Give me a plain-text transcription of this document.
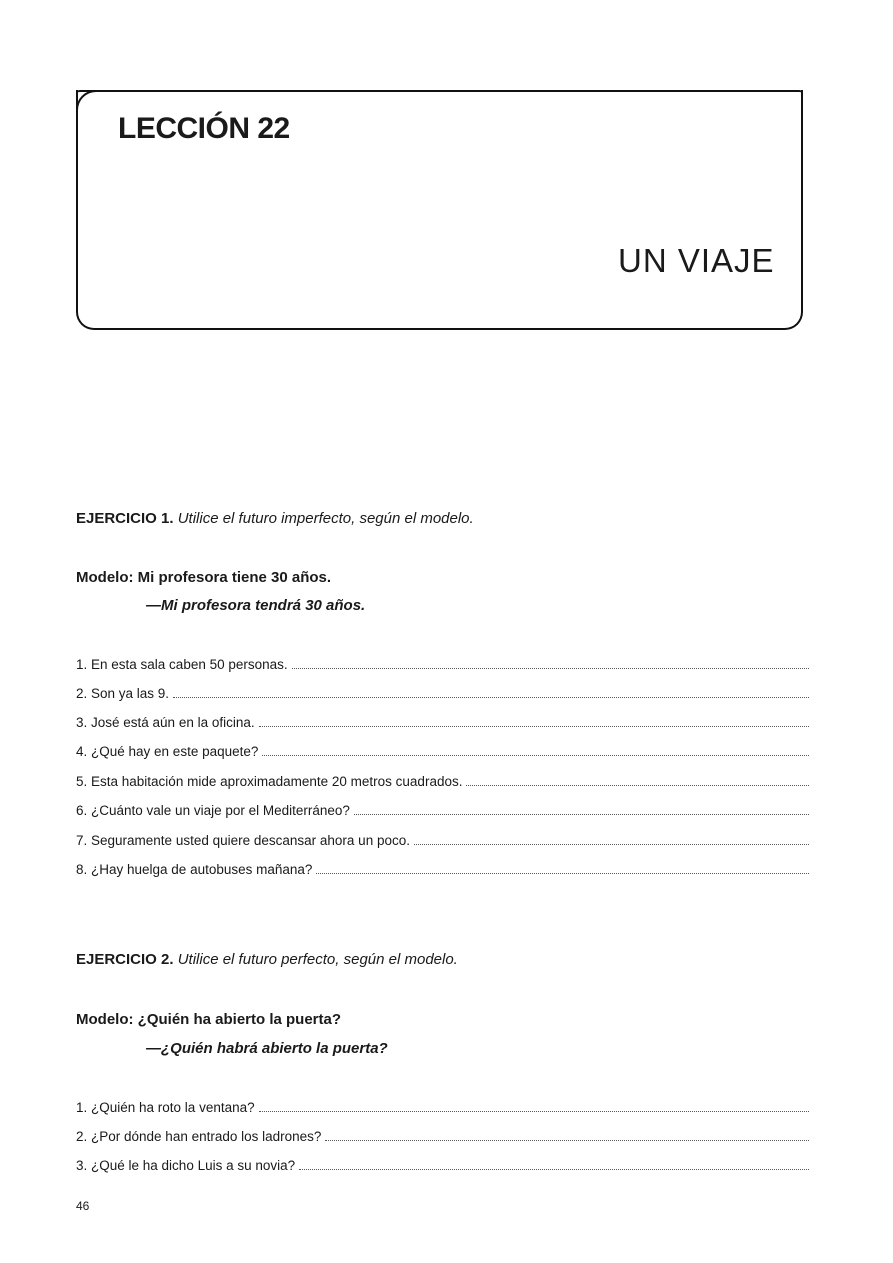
LECCIÓN 22
UN VIAJE
EJERCICIO 1. Utilice el futuro imperfecto, según el modelo.
Modelo: Mi profesora tiene 30 años.
—Mi profesora tendrá 30 años.
1. En esta sala caben 50 personas.
2. Son ya las 9.
3. José está aún en la oficina.
4. ¿Qué hay en este paquete?
5. Esta habitación mide aproximadamente 20 metros cuadrados.
6. ¿Cuánto vale un viaje por el Mediterráneo?
7. Seguramente usted quiere descansar ahora un poco.
8. ¿Hay huelga de autobuses mañana?
EJERCICIO 2. Utilice el futuro perfecto, según el modelo.
Modelo: ¿Quién ha abierto la puerta?
—¿Quién habrá abierto la puerta?
1. ¿Quién ha roto la ventana?
2. ¿Por dónde han entrado los ladrones?
3. ¿Qué le ha dicho Luis a su novia?
46
